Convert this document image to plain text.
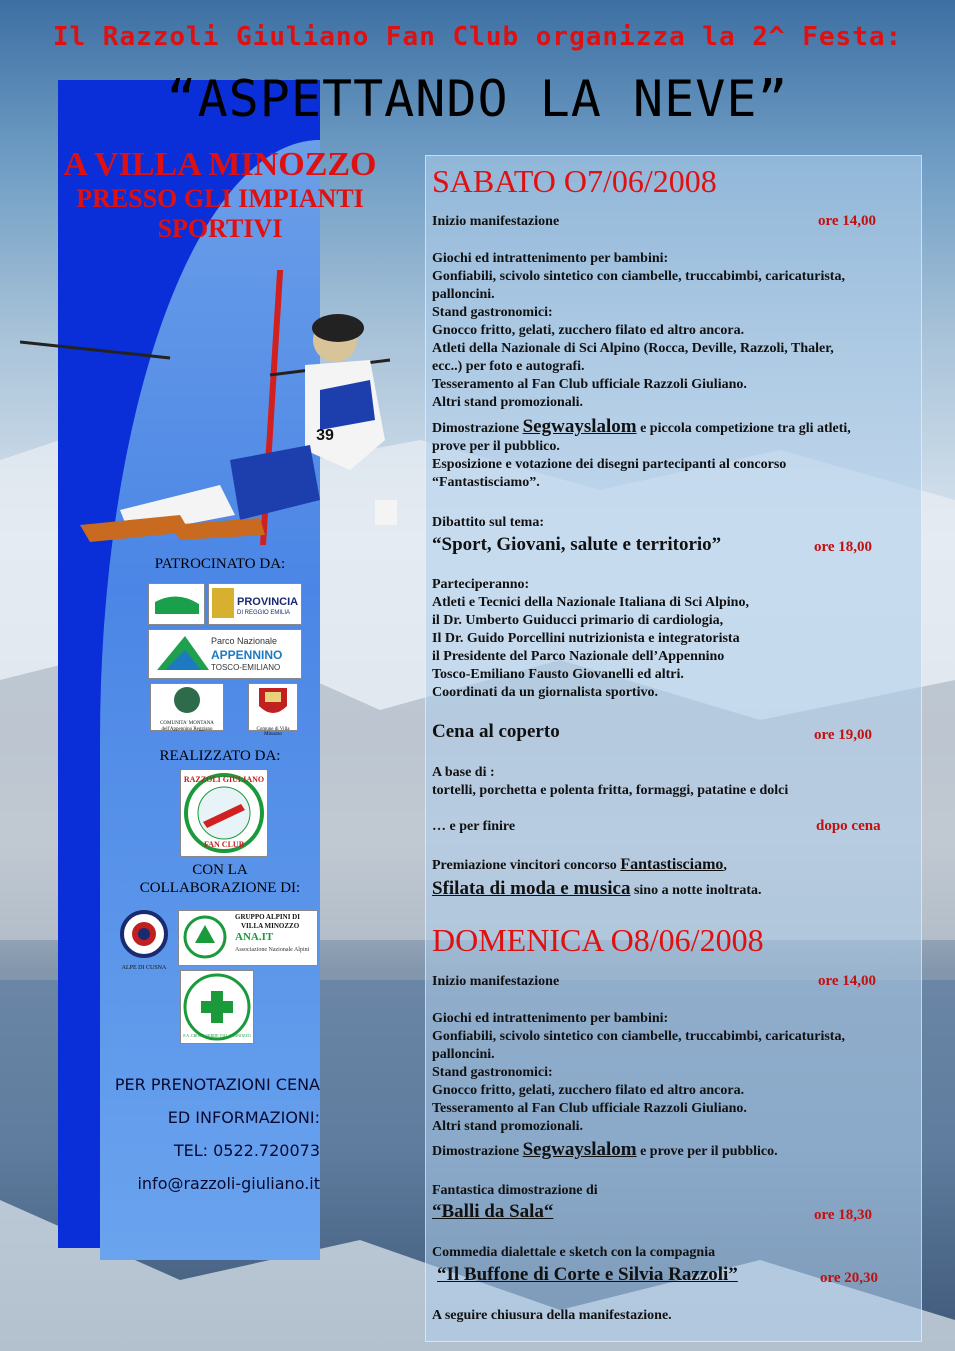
Il Razzoli Giuliano Fan Club organizza la 2^ Festa:
“ASPETTANDO LA NEVE”
A VILLA MINOZZO
PRESSO GLI IMPIANTI
SPORTIVI
39
PATROCINATO DA:
PROVINCIA
DI REGGIO EMILIA
Parco Nazionale
APPENNINO
TOSCO-EMILIANO
COMUNITA' MONTANA dell'Appennino Reggiano	Comune di Villa Minozzo
REALIZZATO DA:
RAZZOLI GIULIANO
FAN CLUB
CON LA
COLLABORAZIONE DI:
ALPE DI CUSNA
GRUPPO ALPINI DI
VILLA MINOZZO
ANA.IT
Associazione Nazionale Alpini
P.A. CROCE VERDE VILLA MINOZZO
PER PRENOTAZIONI CENA
ED INFORMAZIONI:
TEL: 0522.720073
info@razzoli-giuliano.it
SABATO O7/06/2008
Inizio manifestazione	ore 14,00
Giochi ed intrattenimento per bambini:
Gonfiabili, scivolo sintetico con ciambelle, truccabimbi, caricaturista,
palloncini.
Stand gastronomici:
Gnocco fritto, gelati, zucchero filato ed altro ancora.
Atleti della Nazionale di Sci Alpino (Rocca, Deville, Razzoli, Thaler,
ecc..) per foto e autografi.
Tesseramento al Fan Club ufficiale Razzoli Giuliano.
Altri stand promozionali.
Dimostrazione Segwayslalom e piccola competizione tra gli atleti,
prove per il pubblico.
Esposizione e votazione dei disegni partecipanti al concorso
“Fantastisciamo”.
Dibattito sul tema:
“Sport, Giovani, salute e territorio”	ore 18,00
Parteciperanno:
Atleti e Tecnici della Nazionale Italiana di Sci Alpino,
il Dr. Umberto Guiducci primario di cardiologia,
Il Dr. Guido Porcellini nutrizionista e integratorista
il Presidente del Parco Nazionale dell’Appennino
Tosco-Emiliano Fausto Giovanelli ed altri.
Coordinati da un giornalista sportivo.
Cena al coperto	ore 19,00
A base di :
tortelli, porchetta e polenta fritta, formaggi, patatine e dolci
… e per finire	dopo cena
Premiazione vincitori concorso Fantastisciamo,
Sfilata di moda e musica sino a notte inoltrata.
DOMENICA O8/06/2008
Inizio manifestazione	ore 14,00
Giochi ed intrattenimento per bambini:
Gonfiabili, scivolo sintetico con ciambelle, truccabimbi, caricaturista,
palloncini.
Stand gastronomici:
Gnocco fritto, gelati, zucchero filato ed altro ancora.
Tesseramento al Fan Club ufficiale Razzoli Giuliano.
Altri stand promozionali.
Dimostrazione Segwayslalom e prove per il pubblico.
Fantastica dimostrazione di
“Balli da Sala“	ore 18,30
Commedia dialettale e sketch con la compagnia
“Il Buffone di Corte e Silvia Razzoli”	ore 20,30
A seguire chiusura della manifestazione.
